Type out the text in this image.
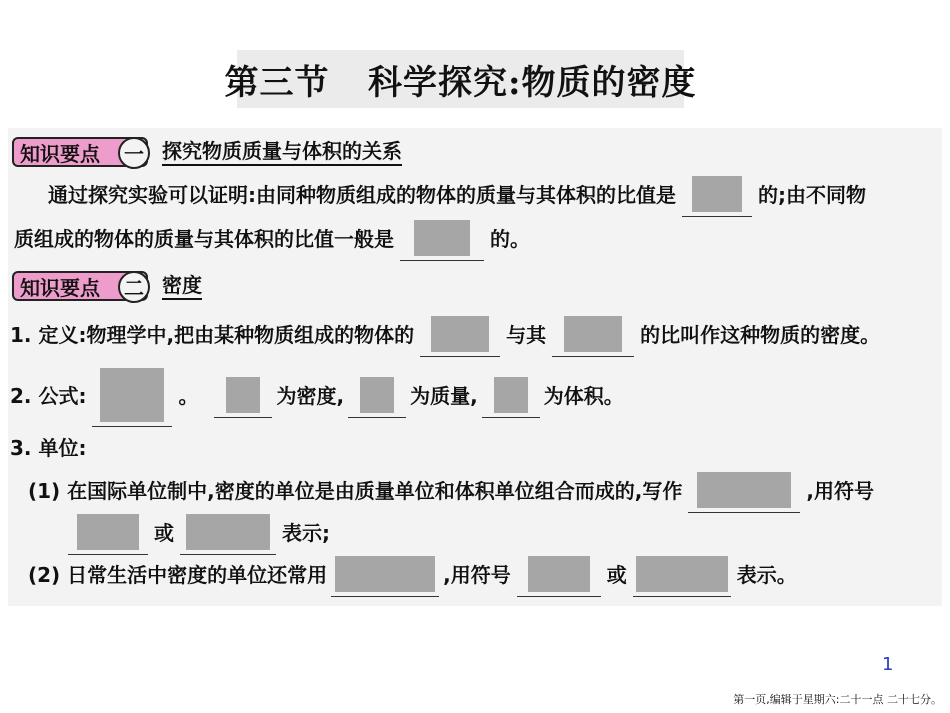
第三节   科学探究:物质的密度
知识要点	一 探究物质质量与体积的关系
通过探究实验可以证明:由同种物质组成的物体的质量与其体积的比值是	的;由不同物
质组成的物体的质量与其体积的比值一般是	的。
知识要点	二 密度
1. 定义:物理学中,把由某种物质组成的物体的	与其	的比叫作这种物质的密度。
2. 公式:	。	为密度,	为质量,	为体积。
3. 单位:
(1) 在国际单位制中,密度的单位是由质量单位和体积单位组合而成的,写作	,用符号
或	表示;
(2) 日常生活中密度的单位还常用	,用符号	或	表示。
1
第一页,编辑于星期六:二十一点 二十七分。
